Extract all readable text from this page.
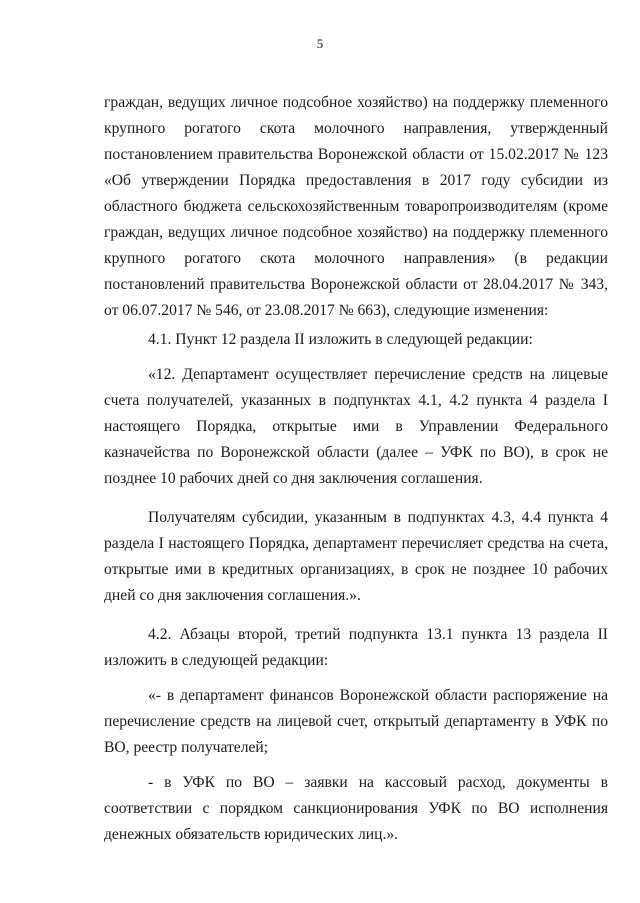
5

граждан, ведущих личное подсобное хозяйство) на поддержку племенного крупного рогатого скота молочного направления, утвержденный постановлением правительства Воронежской области от 15.02.2017 № 123 «Об утверждении Порядка предоставления в 2017 году субсидии из областного бюджета сельскохозяйственным товаропроизводителям (кроме граждан, ведущих личное подсобное хозяйство) на поддержку племенного крупного рогатого скота молочного направления» (в редакции постановлений правительства Воронежской области от 28.04.2017 № 343, от 06.07.2017 № 546, от 23.08.2017 № 663), следующие изменения:

4.1. Пункт 12 раздела II изложить в следующей редакции:

«12. Департамент осуществляет перечисление средств на лицевые счета получателей, указанных в подпунктах 4.1, 4.2 пункта 4 раздела I настоящего Порядка, открытые ими в Управлении Федерального казначейства по Воронежской области (далее – УФК по ВО), в срок не позднее 10 рабочих дней со дня заключения соглашения.

Получателям субсидии, указанным в подпунктах 4.3, 4.4 пункта 4 раздела I настоящего Порядка, департамент перечисляет средства на счета, открытые ими в кредитных организациях, в срок не позднее 10 рабочих дней со дня заключения соглашения.».

4.2. Абзацы второй, третий подпункта 13.1 пункта 13 раздела II изложить в следующей редакции:

«- в департамент финансов Воронежской области распоряжение на перечисление средств на лицевой счет, открытый департаменту в УФК по ВО, реестр получателей;

- в УФК по ВО – заявки на кассовый расход, документы в соответствии с порядком санкционирования УФК по ВО исполнения денежных обязательств юридических лиц.».
